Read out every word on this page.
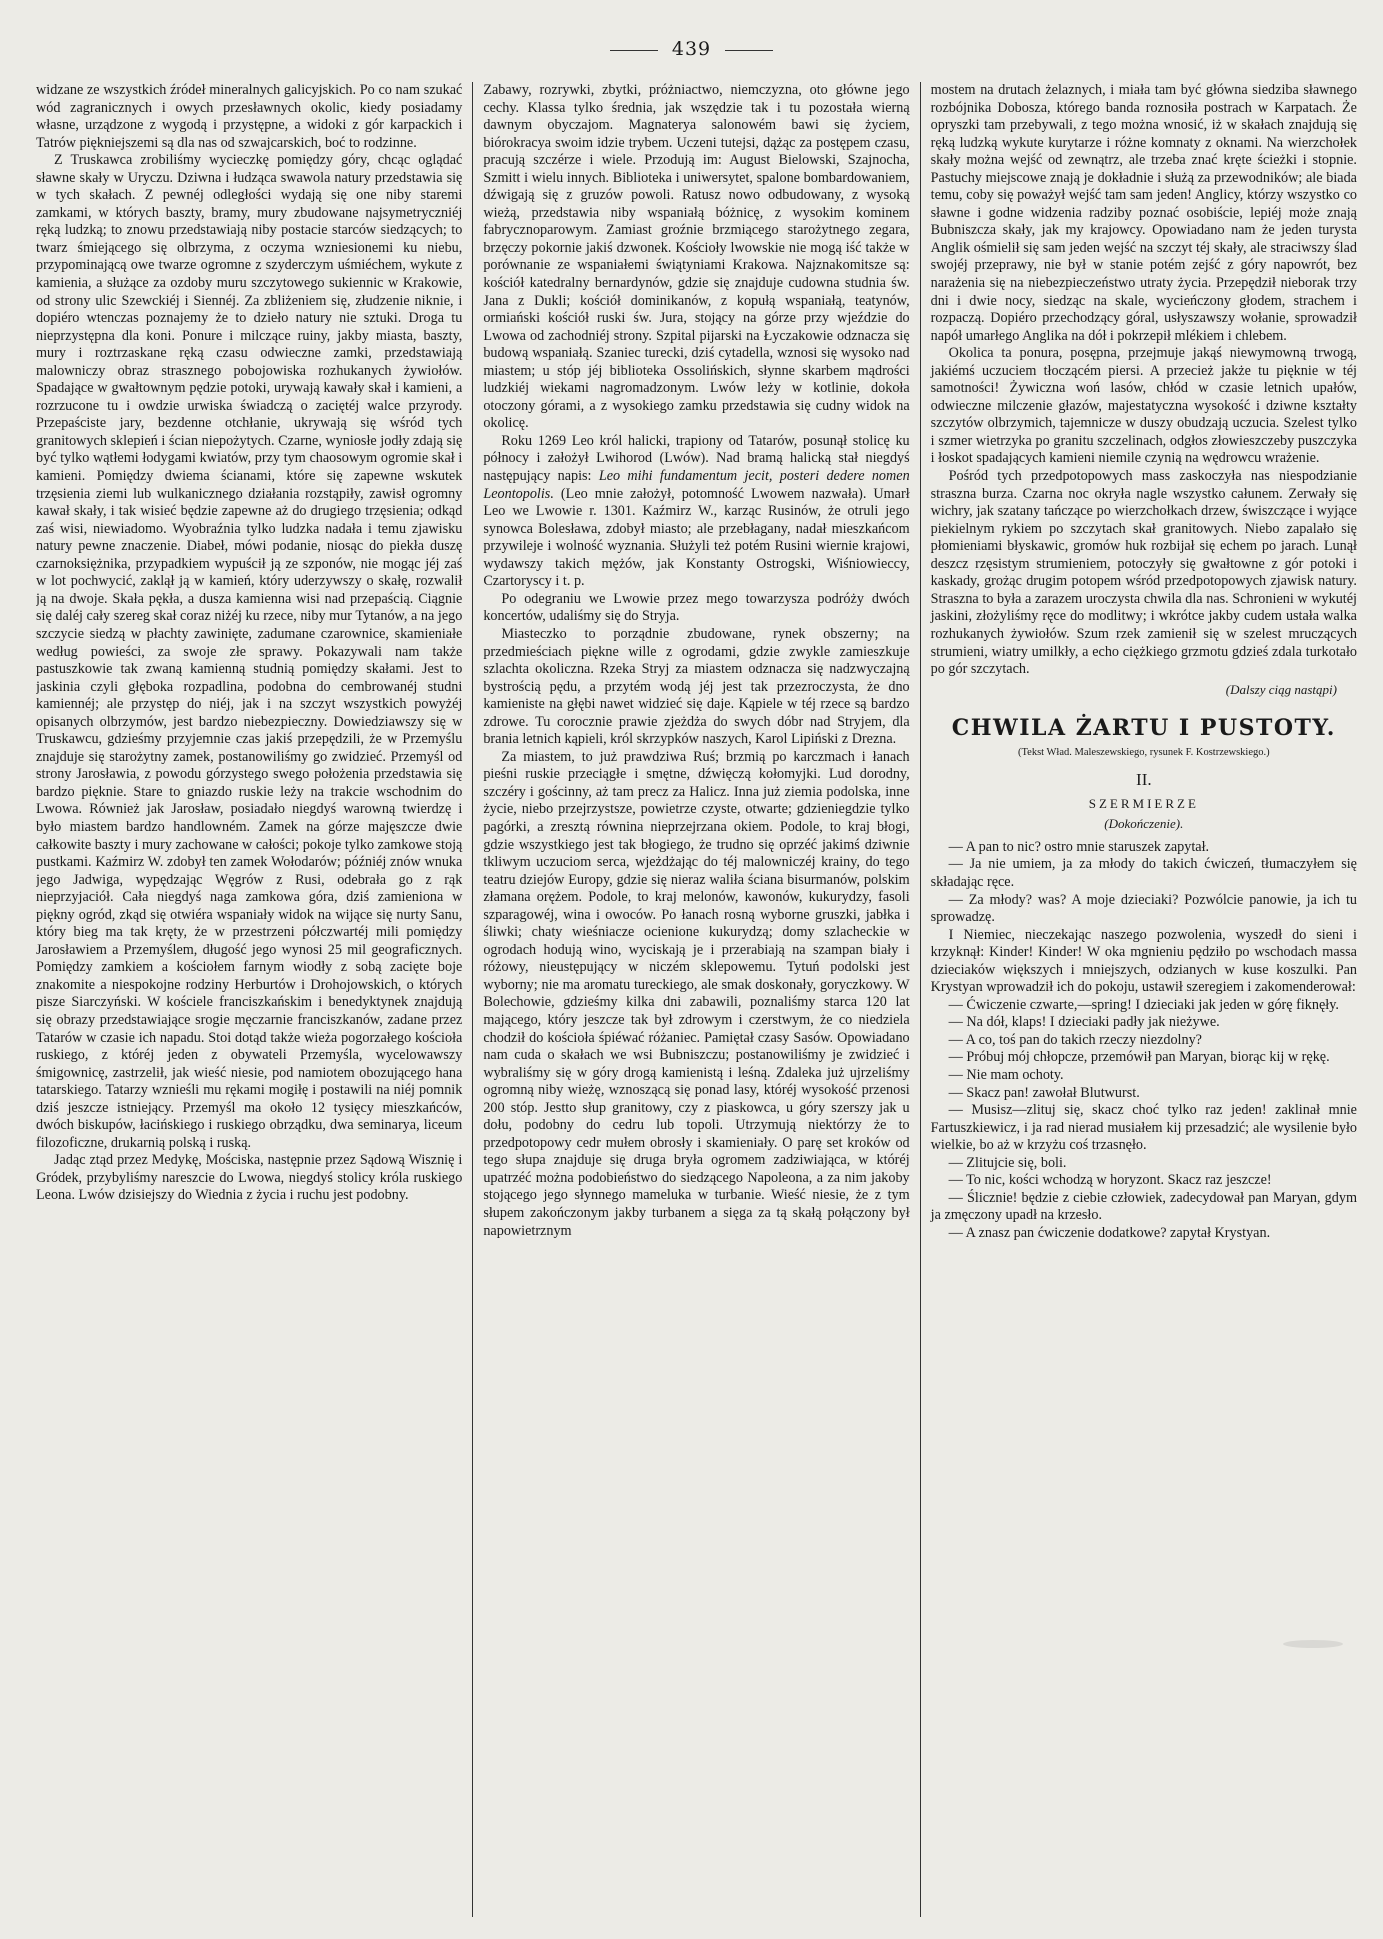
439

widzane ze wszystkich źródeł mineralnych galicyjskich. Po co nam szukać wód zagranicznych i owych przesławnych okolic, kiedy posiadamy własne, urządzone z wygodą i przystępne, a widoki z gór karpackich i Tatrów piękniejszemi są dla nas od szwajcarskich, boć to rodzinne.

Z Truskawca zrobiliśmy wycieczkę pomiędzy góry, chcąc oglądać sławne skały w Uryczu. Dziwna i łudząca swawola natury przedstawia się w tych skałach. Z pewnéj odległości wydają się one niby staremi zamkami, w których baszty, bramy, mury zbudowane najsymetryczniéj ręką ludzką; to znowu przedstawiają niby postacie starców siedzących; to twarz śmiejącego się olbrzyma, z oczyma wzniesionemi ku niebu, przypominającą owe twarze ogromne z szyderczym uśmiéchem, wykute z kamienia, a służące za ozdoby muru szczytowego sukiennic w Krakowie, od strony ulic Szewckiéj i Siennéj. Za zbliżeniem się, złudzenie niknie, i dopiéro wtenczas poznajemy że to dzieło natury nie sztuki. Droga tu nieprzystępna dla koni. Ponure i milczące ruiny, jakby miasta, baszty, mury i roztrzaskane ręką czasu odwieczne zamki, przedstawiają malowniczy obraz strasznego pobojowiska rozhukanych żywiołów. Spadające w gwałtownym pędzie potoki, urywają kawały skał i kamieni, a rozrzucone tu i owdzie urwiska świadczą o zaciętéj walce przyrody. Przepaściste jary, bezdenne otchłanie, ukrywają się wśród tych granitowych sklepień i ścian niepożytych. Czarne, wyniosłe jodły zdają się być tylko wątłemi łodygami kwiatów, przy tym chaosowym ogromie skał i kamieni. Pomiędzy dwiema ścianami, które się zapewne wskutek trzęsienia ziemi lub wulkanicznego działania rozstąpiły, zawisł ogromny kawał skały, i tak wisieć będzie zapewne aż do drugiego trzęsienia; odkąd zaś wisi, niewiadomo. Wyobraźnia tylko ludzka nadała i temu zjawisku natury pewne znaczenie. Diabeł, mówi podanie, niosąc do piekła duszę czarnoksiężnika, przypadkiem wypuścił ją ze szponów, nie mogąc jéj zaś w lot pochwycić, zaklął ją w kamień, który uderzywszy o skałę, rozwalił ją na dwoje. Skała pękła, a dusza kamienna wisi nad przepaścią. Ciągnie się daléj cały szereg skał coraz niżéj ku rzece, niby mur Tytanów, a na jego szczycie siedzą w płachty zawinięte, zadumane czarownice, skamieniałe według powieści, za swoje złe sprawy. Pokazywali nam także pastuszkowie tak zwaną kamienną studnią pomiędzy skałami. Jest to jaskinia czyli głęboka rozpadlina, podobna do cembrowanéj studni kamiennéj; ale przystęp do niéj, jak i na szczyt wszystkich powyżéj opisanych olbrzymów, jest bardzo niebezpieczny. Dowiedziawszy się w Truskawcu, gdzieśmy przyjemnie czas jakiś przepędzili, że w Przemyślu znajduje się starożytny zamek, postanowiliśmy go zwidzieć. Przemyśl od strony Jarosławia, z powodu górzystego swego położenia przedstawia się bardzo pięknie. Stare to gniazdo ruskie leży na trakcie wschodnim do Lwowa. Również jak Jarosław, posiadało niegdyś warowną twierdzę i było miastem bardzo handlowném. Zamek na górze majęszcze dwie całkowite baszty i mury zachowane w całości; pokoje tylko zamkowe stoją pustkami. Kaźmirz W. zdobył ten zamek Wołodarów; późniéj znów wnuka jego Jadwiga, wypędzając Węgrów z Rusi, odebrała go z rąk nieprzyjaciół. Cała niegdyś naga zamkowa góra, dziś zamieniona w piękny ogród, zkąd się otwiéra wspaniały widok na wijące się nurty Sanu, który bieg ma tak kręty, że w przestrzeni półczwartéj mili pomiędzy Jarosławiem a Przemyślem, długość jego wynosi 25 mil geograficznych. Pomiędzy zamkiem a kościołem farnym wiodły z sobą zacięte boje znakomite a niespokojne rodziny Herburtów i Drohojowskich, o których pisze Siarczyński. W kościele franciszkańskim i benedyktynek znajdują się obrazy przedstawiające srogie męczarnie franciszkanów, zadane przez Tatarów w czasie ich napadu. Stoi dotąd także wieża pogorzałego kościoła ruskiego, z któréj jeden z obywateli Przemyśla, wycelowawszy śmigownicę, zastrzelił, jak wieść niesie, pod namiotem obozującego hana tatarskiego. Tatarzy wznieśli mu rękami mogiłę i postawili na niéj pomnik dziś jeszcze istniejący. Przemyśl ma około 12 tysięcy mieszkańców, dwóch biskupów, łacińskiego i ruskiego obrządku, dwa seminarya, liceum filozoficzne, drukarnią polską i ruską.

Jadąc ztąd przez Medykę, Mościska, następnie przez Sądową Wisznię i Gródek, przybyliśmy nareszcie do Lwowa, niegdyś stolicy króla ruskiego Leona. Lwów dzisiejszy do Wiednia z życia i ruchu jest podobny.

Zabawy, rozrywki, zbytki, próżniactwo, niemczyzna, oto główne jego cechy. Klassa tylko średnia, jak wszędzie tak i tu pozostała wierną dawnym obyczajom. Magnaterya salonowém bawi się życiem, biórokracya swoim idzie trybem. Uczeni tutejsi, dążąc za postępem czasu, pracują szczérze i wiele. Przodują im: August Bielowski, Szajnocha, Szmitt i wielu innych. Biblioteka i uniwersytet, spalone bombardowaniem, dźwigają się z gruzów powoli. Ratusz nowo odbudowany, z wysoką wieżą, przedstawia niby wspaniałą bóżnicę, z wysokim kominem fabrycznoparowym. Zamiast groźnie brzmiącego starożytnego zegara, brzęczy pokornie jakiś dzwonek. Kościoły lwowskie nie mogą iść także w porównanie ze wspaniałemi świątyniami Krakowa. Najznakomitsze są: kościół katedralny bernardynów, gdzie się znajduje cudowna studnia św. Jana z Dukli; kościół dominikanów, z kopułą wspaniałą, teatynów, ormiański kościół ruski św. Jura, stojący na górze przy wjeździe do Lwowa od zachodniéj strony. Szpital pijarski na Łyczakowie odznacza się budową wspaniałą. Szaniec turecki, dziś cytadella, wznosi się wysoko nad miastem; u stóp jéj biblioteka Ossolińskich, słynne skarbem mądrości ludzkiéj wiekami nagromadzonym. Lwów leży w kotlinie, dokoła otoczony górami, a z wysokiego zamku przedstawia się cudny widok na okolicę.

Roku 1269 Leo król halicki, trapiony od Tatarów, posunął stolicę ku północy i założył Lwihorod (Lwów). Nad bramą halicką stał niegdyś następujący napis: Leo mihi fundamentum jecit, posteri dedere nomen Leontopolis. (Leo mnie założył, potomność Lwowem nazwała). Umarł Leo we Lwowie r. 1301. Kaźmirz W., karząc Rusinów, że otruli jego synowca Bolesława, zdobył miasto; ale przebłagany, nadał mieszkańcom przywileje i wolność wyznania. Służyli też potém Rusini wiernie krajowi, wydawszy takich mężów, jak Konstanty Ostrogski, Wiśniowieccy, Czartoryscy i t. p.

Po odegraniu we Lwowie przez mego towarzysza podróży dwóch koncertów, udaliśmy się do Stryja.

Miasteczko to porządnie zbudowane, rynek obszerny; na przedmieściach piękne wille z ogrodami, gdzie zwykle zamieszkuje szlachta okoliczna. Rzeka Stryj za miastem odznacza się nadzwyczajną bystrością pędu, a przytém wodą jéj jest tak przezroczysta, że dno kamieniste na głębi nawet widzieć się daje. Kąpiele w téj rzece są bardzo zdrowe. Tu corocznie prawie zjeżdża do swych dóbr nad Stryjem, dla brania letnich kąpieli, król skrzypków naszych, Karol Lipiński z Drezna.

Za miastem, to już prawdziwa Ruś; brzmią po karczmach i łanach pieśni ruskie przeciągłe i smętne, dźwięczą kołomyjki. Lud dorodny, szczéry i gościnny, aż tam precz za Halicz. Inna już ziemia podolska, inne życie, niebo przejrzystsze, powietrze czyste, otwarte; gdzieniegdzie tylko pagórki, a zresztą równina nieprzejrzana okiem. Podole, to kraj błogi, gdzie wszystkiego jest tak błogiego, że trudno się oprzéć jakimś dziwnie tkliwym uczuciom serca, wjeżdżając do téj malowniczéj krainy, do tego teatru dziejów Europy, gdzie się nieraz waliła ściana bisurmanów, polskim złamana orężem. Podole, to kraj melonów, kawonów, kukurydzy, fasoli szparagowéj, wina i owoców. Po łanach rosną wyborne gruszki, jabłka i śliwki; chaty wieśniacze ocienione kukurydzą; domy szlacheckie w ogrodach hodują wino, wyciskają je i przerabiają na szampan biały i różowy, nieustępujący w niczém sklepowemu. Tytuń podolski jest wyborny; nie ma aromatu tureckiego, ale smak doskonały, goryczkowy. W Bolechowie, gdzieśmy kilka dni zabawili, poznaliśmy starca 120 lat mającego, który jeszcze tak był zdrowym i czerstwym, że co niedziela chodził do kościoła śpiéwać różaniec. Pamiętał czasy Sasów. Opowiadano nam cuda o skałach we wsi Bubniszczu; postanowiliśmy je zwidzieć i wybraliśmy się w góry drogą kamienistą i leśną. Zdaleka już ujrzeliśmy ogromną niby wieżę, wznoszącą się ponad lasy, któréj wysokość przenosi 200 stóp. Jestto słup granitowy, czy z piaskowca, u góry szerszy jak u dołu, podobny do cedru lub topoli. Utrzymują niektórzy że to przedpotopowy cedr mułem obrosły i skamieniały. O parę set kroków od tego słupa znajduje się druga bryła ogromem zadziwiająca, w któréj upatrzéć można podobieństwo do siedzącego Napoleona, a za nim jakoby stojącego jego słynnego mameluka w turbanie. Wieść niesie, że z tym słupem zakończonym jakby turbanem a sięga za tą skałą połączony był napowietrznym

mostem na drutach żelaznych, i miała tam być główna siedziba sławnego rozbójnika Dobosza, którego banda roznosiła postrach w Karpatach. Że opryszki tam przebywali, z tego można wnosić, iż w skałach znajdują się ręką ludzką wykute kurytarze i różne komnaty z oknami. Na wierzchołek skały można wejść od zewnątrz, ale trzeba znać kręte ścieżki i stopnie. Pastuchy miejscowe znają je dokładnie i służą za przewodników; ale biada temu, coby się poważył wejść tam sam jeden! Anglicy, którzy wszystko co sławne i godne widzenia radziby poznać osobiście, lepiéj może znają Bubniszcza skały, jak my krajowcy. Opowiadano nam że jeden turysta Anglik ośmielił się sam jeden wejść na szczyt téj skały, ale straciwszy ślad swojéj przeprawy, nie był w stanie potém zejść z góry napowrót, bez narażenia się na niebezpieczeństwo utraty życia. Przepędził nieborak trzy dni i dwie nocy, siedząc na skale, wycieńczony głodem, strachem i rozpaczą. Dopiéro przechodzący góral, usłyszawszy wołanie, sprowadził napół umarłego Anglika na dół i pokrzepił mlékiem i chlebem.

Okolica ta ponura, posępna, przejmuje jakąś niewymowną trwogą, jakiémś uczuciem tłoczącém piersi. A przecież jakże tu pięknie w téj samotności! Żywiczna woń lasów, chłód w czasie letnich upałów, odwieczne milczenie głazów, majestatyczna wysokość i dziwne kształty szczytów olbrzymich, tajemnicze w duszy obudzają uczucia. Szelest tylko i szmer wietrzyka po granitu szczelinach, odgłos złowieszczeby puszczyka i łoskot spadających kamieni niemile czynią na wędrowcu wrażenie.

Pośród tych przedpotopowych mass zaskoczyła nas niespodzianie straszna burza. Czarna noc okryła nagle wszystko całunem. Zerwały się wichry, jak szatany tańczące po wierzchołkach drzew, świszczące i wyjące piekielnym rykiem po szczytach skał granitowych. Niebo zapalało się płomieniami błyskawic, gromów huk rozbijał się echem po jarach. Lunął deszcz rzęsistym strumieniem, potoczyły się gwałtowne z gór potoki i kaskady, grożąc drugim potopem wśród przedpotopowych zjawisk natury. Straszna to była a zarazem uroczysta chwila dla nas. Schronieni w wykutéj jaskini, złożyliśmy ręce do modlitwy; i wkrótce jakby cudem ustała walka rozhukanych żywiołów. Szum rzek zamienił się w szelest mruczących strumieni, wiatry umilkły, a echo ciężkiego grzmotu gdzieś zdala turkotało po gór szczytach.

(Dalszy ciąg nastąpi)
CHWILA ŻARTU I PUSTOTY.
(Tekst Wład. Maleszewskiego, rysunek F. Kostrzewskiego.)
II.
SZERMIERZE
(Dokończenie).

— A pan to nic? ostro mnie staruszek zapytał.

— Ja nie umiem, ja za młody do takich ćwiczeń, tłumaczyłem się składając ręce.

— Za młody? was? A moje dzieciaki? Pozwólcie panowie, ja ich tu sprowadzę.

I Niemiec, nieczekając naszego pozwolenia, wyszedł do sieni i krzyknął: Kinder! Kinder! W oka mgnieniu pędziło po wschodach massa dzieciaków większych i mniejszych, odzianych w kuse koszulki. Pan Krystyan wprowadził ich do pokoju, ustawił szeregiem i zakomenderował:

— Ćwiczenie czwarte,—spring! I dzieciaki jak jeden w górę fiknęły.

— Na dół, klaps! I dzieciaki padły jak nieżywe.

— A co, toś pan do takich rzeczy niezdolny?

— Próbuj mój chłopcze, przemówił pan Maryan, biorąc kij w rękę.

— Nie mam ochoty.

— Skacz pan! zawołał Blutwurst.

— Musisz—zlituj się, skacz choć tylko raz jeden! zaklinał mnie Fartuszkiewicz, i ja rad nierad musiałem kij przesadzić; ale wysilenie było wielkie, bo aż w krzyżu coś trzasnęło.

— Zlitujcie się, boli.

— To nic, kości wchodzą w horyzont. Skacz raz jeszcze!

— Ślicznie! będzie z ciebie człowiek, zadecydował pan Maryan, gdym ja zmęczony upadł na krzesło.

— A znasz pan ćwiczenie dodatkowe? zapytał Krystyan.
